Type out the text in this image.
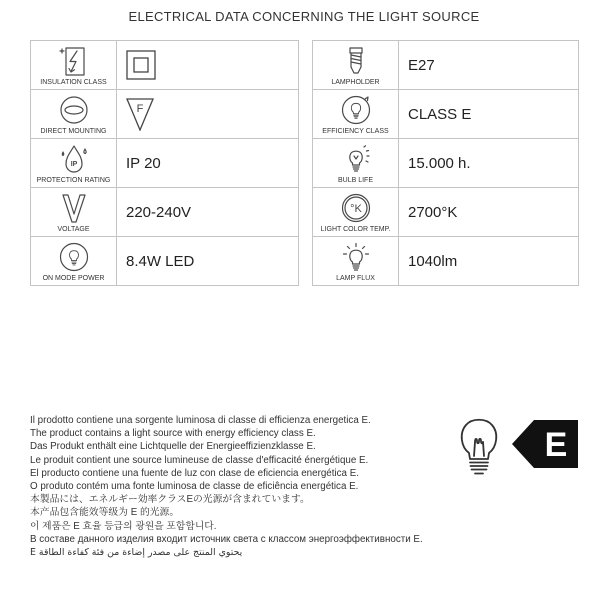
ELECTRICAL DATA CONCERNING THE LIGHT SOURCE
INSULATION CLASS

DIRECT MOUNTING	F

IP
PROTECTION RATING	IP 20

VOLTAGE	220-240V

ON MODE POWER	8.4W LED
LAMPHOLDER	E27

EFFICIENCY CLASS	CLASS E

BULB LIFE	15.000 h.

°K
LIGHT COLOR TEMP.	2700°K

LAMP FLUX	1040lm
Il prodotto contiene una sorgente luminosa di classe di efficienza energetica E.
The product contains a light source with energy efficiency class E.
Das Produkt enthält eine Lichtquelle der Energieeffizienzklasse E.
Le produit contient une source lumineuse de classe d'efficacité énergétique E.
El producto contiene una fuente de luz con clase de eficiencia energética E.
O produto contém uma fonte luminosa de classe de eficiência energética E.
本製品には、エネルギー効率クラスEの光源が含まれています。
本产品包含能效等级为 E 的光源。
이 제품은 E 효율 등급의 광원을 포함합니다.
В составе данного изделия входит источник света с классом энергоэффективности E.
يحتوي المنتج على مصدر إضاءة من فئة كفاءة الطاقة E
E
